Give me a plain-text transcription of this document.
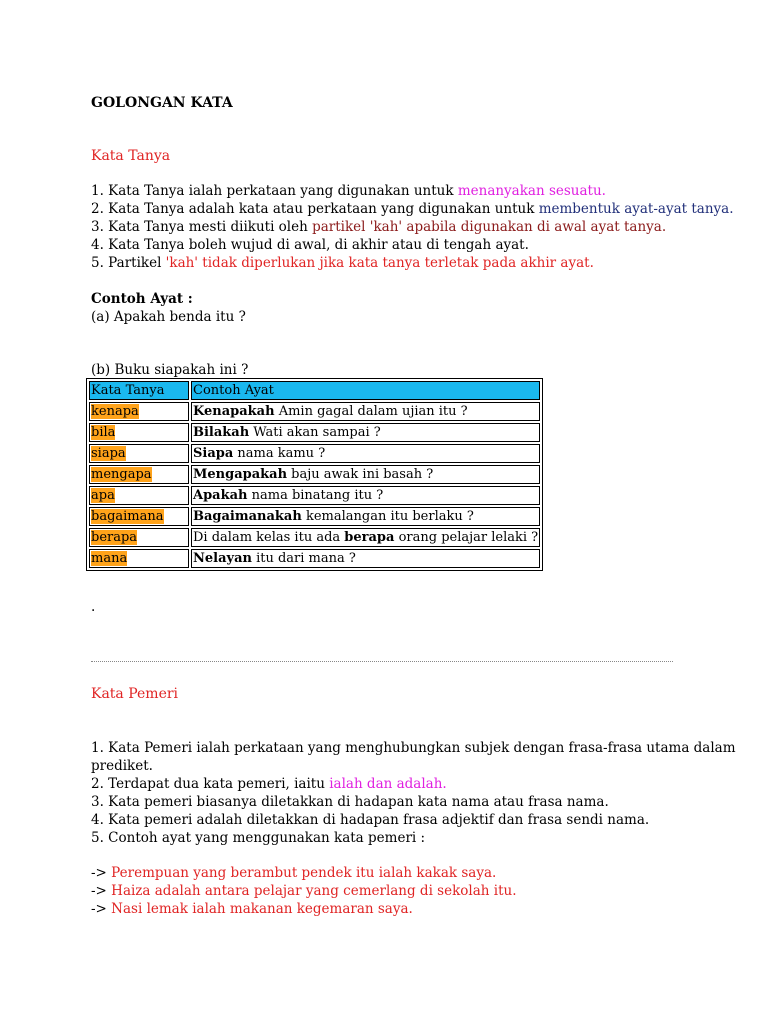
GOLONGAN KATA
Kata Tanya
1. Kata Tanya ialah perkataan yang digunakan untuk menanyakan sesuatu.
2. Kata Tanya adalah kata atau perkataan yang digunakan untuk membentuk ayat-ayat tanya.
3. Kata Tanya mesti diikuti oleh partikel 'kah' apabila digunakan di awal ayat tanya.
4. Kata Tanya boleh wujud di awal, di akhir atau di tengah ayat.
5. Partikel 'kah' tidak diperlukan jika kata tanya terletak pada akhir ayat.
Contoh Ayat :
(a) Apakah benda itu ?
(b) Buku siapakah ini ?
.
Kata Tanya	Contoh Ayat
kenapa	Kenapakah Amin gagal dalam ujian itu ?
bila	Bilakah Wati akan sampai ?
siapa	Siapa nama kamu ?
mengapa	Mengapakah baju awak ini basah ?
apa	Apakah nama binatang itu ?
bagaimana	Bagaimanakah kemalangan itu berlaku ?
berapa	Di dalam kelas itu ada berapa orang pelajar lelaki ?
mana	Nelayan itu dari mana ?
Kata Pemeri
1. Kata Pemeri ialah perkataan yang menghubungkan subjek dengan frasa-frasa utama dalam
prediket.
2. Terdapat dua kata pemeri, iaitu ialah dan adalah.
3. Kata pemeri biasanya diletakkan di hadapan kata nama atau frasa nama.
4. Kata pemeri adalah diletakkan di hadapan frasa adjektif dan frasa sendi nama.
5. Contoh ayat yang menggunakan kata pemeri :
-> Perempuan yang berambut pendek itu ialah kakak saya.
-> Haiza adalah antara pelajar yang cemerlang di sekolah itu.
-> Nasi lemak ialah makanan kegemaran saya.
